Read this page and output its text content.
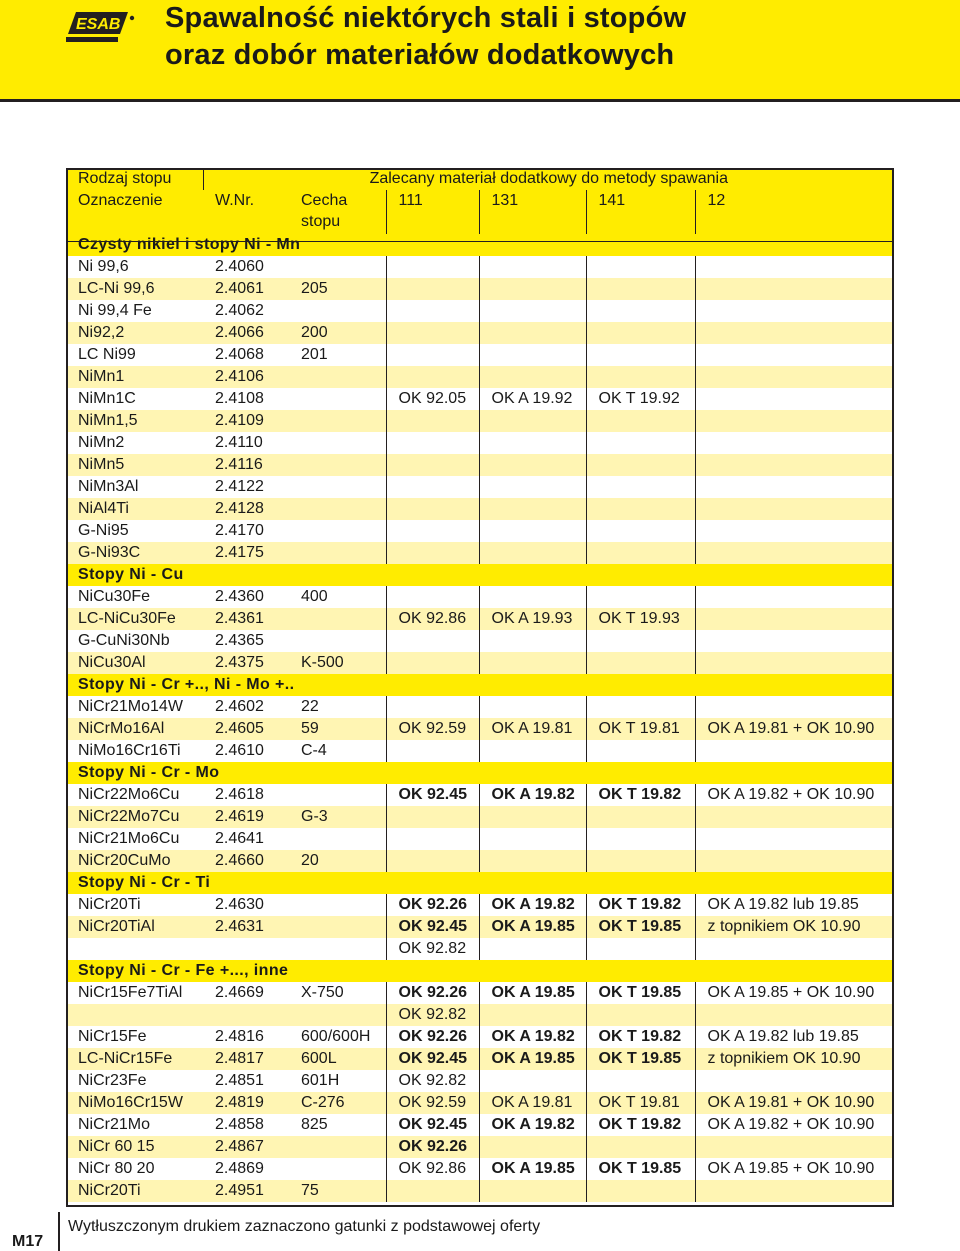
ESAB Spawalność niektórych stali i stopów
oraz dobór materiałów dodatkowych
Rodzaj stopu	Zalecany materiał dodatkowy do metody spawania					
Oznaczenie	W.Nr.	Cecha stopu	111	131	141	12
Czysty nikiel i stopy Ni - Mn						
Ni 99,6	2.4060					
LC-Ni 99,6	2.4061	205				
Ni 99,4 Fe	2.4062					
Ni92,2	2.4066	200				
LC Ni99	2.4068	201				
NiMn1	2.4106					
NiMn1C	2.4108		OK 92.05	OK A 19.92	OK T 19.92	
NiMn1,5	2.4109					
NiMn2	2.4110					
NiMn5	2.4116					
NiMn3Al	2.4122					
NiAl4Ti	2.4128					
G-Ni95	2.4170					
G-Ni93C	2.4175					
Stopy Ni - Cu						
NiCu30Fe	2.4360	400				
LC-NiCu30Fe	2.4361		OK 92.86	OK A 19.93	OK T 19.93	
G-CuNi30Nb	2.4365					
NiCu30Al	2.4375	K-500				
Stopy Ni - Cr +.., Ni - Mo +..						
NiCr21Mo14W	2.4602	22				
NiCrMo16Al	2.4605	59	OK 92.59	OK A 19.81	OK T 19.81	OK A 19.81 + OK 10.90
NiMo16Cr16Ti	2.4610	C-4				
Stopy Ni - Cr - Mo						
NiCr22Mo6Cu	2.4618		OK 92.45	OK A 19.82	OK T 19.82	OK A 19.82 + OK 10.90
NiCr22Mo7Cu	2.4619	G-3				
NiCr21Mo6Cu	2.4641					
NiCr20CuMo	2.4660	20				
Stopy Ni - Cr - Ti						
NiCr20Ti	2.4630		OK 92.26	OK A 19.82	OK T 19.82	OK A 19.82 lub 19.85
NiCr20TiAl	2.4631		OK 92.45	OK A 19.85	OK T 19.85	z topnikiem OK 10.90
			OK 92.82			
Stopy Ni - Cr - Fe +..., inne						
NiCr15Fe7TiAl	2.4669	X-750	OK 92.26	OK A 19.85	OK T 19.85	OK A 19.85 + OK 10.90
			OK 92.82			
NiCr15Fe	2.4816	600/600H	OK 92.26	OK A 19.82	OK T 19.82	OK A 19.82 lub 19.85
LC-NiCr15Fe	2.4817	600L	OK 92.45	OK A 19.85	OK T 19.85	z topnikiem OK 10.90
NiCr23Fe	2.4851	601H	OK 92.82			
NiMo16Cr15W	2.4819	C-276	OK 92.59	OK A 19.81	OK T 19.81	OK A 19.81 + OK 10.90
NiCr21Mo	2.4858	825	OK 92.45	OK A 19.82	OK T 19.82	OK A 19.82 + OK 10.90
NiCr 60 15	2.4867		OK 92.26			
NiCr 80 20	2.4869		OK 92.86	OK A 19.85	OK T 19.85	OK A 19.85 + OK 10.90
NiCr20Ti	2.4951	75				
Wytłuszczonym drukiem zaznaczono gatunki z podstawowej oferty
M17
